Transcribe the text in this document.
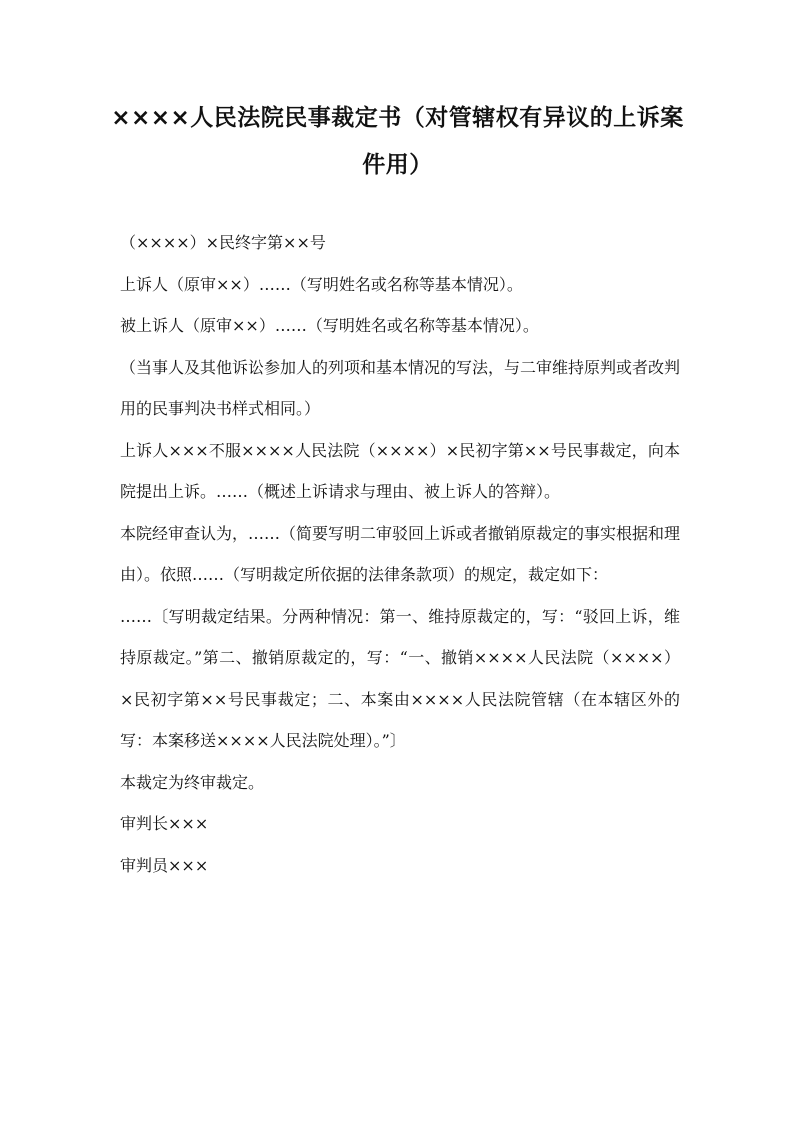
××××人民法院民事裁定书（对管辖权有异议的上诉案件用）

（××××）×民终字第××号

上诉人（原审××）……（写明姓名或名称等基本情况）。

被上诉人（原审××）……（写明姓名或名称等基本情况）。

（当事人及其他诉讼参加人的列项和基本情况的写法，与二审维持原判或者改判用的民事判决书样式相同。）

上诉人×××不服××××人民法院（××××）×民初字第××号民事裁定，向本院提出上诉。……（概述上诉请求与理由、被上诉人的答辩）。

本院经审查认为，……（简要写明二审驳回上诉或者撤销原裁定的事实根据和理由）。依照……（写明裁定所依据的法律条款项）的规定，裁定如下：

……〔写明裁定结果。分两种情况：第一、维持原裁定的，写：“驳回上诉，维持原裁定。”第二、撤销原裁定的，写：“一、撤销××××人民法院（××××）×民初字第××号民事裁定；二、本案由××××人民法院管辖（在本辖区外的写：本案移送××××人民法院处理）。”〕

本裁定为终审裁定。

审判长×××

审判员×××
